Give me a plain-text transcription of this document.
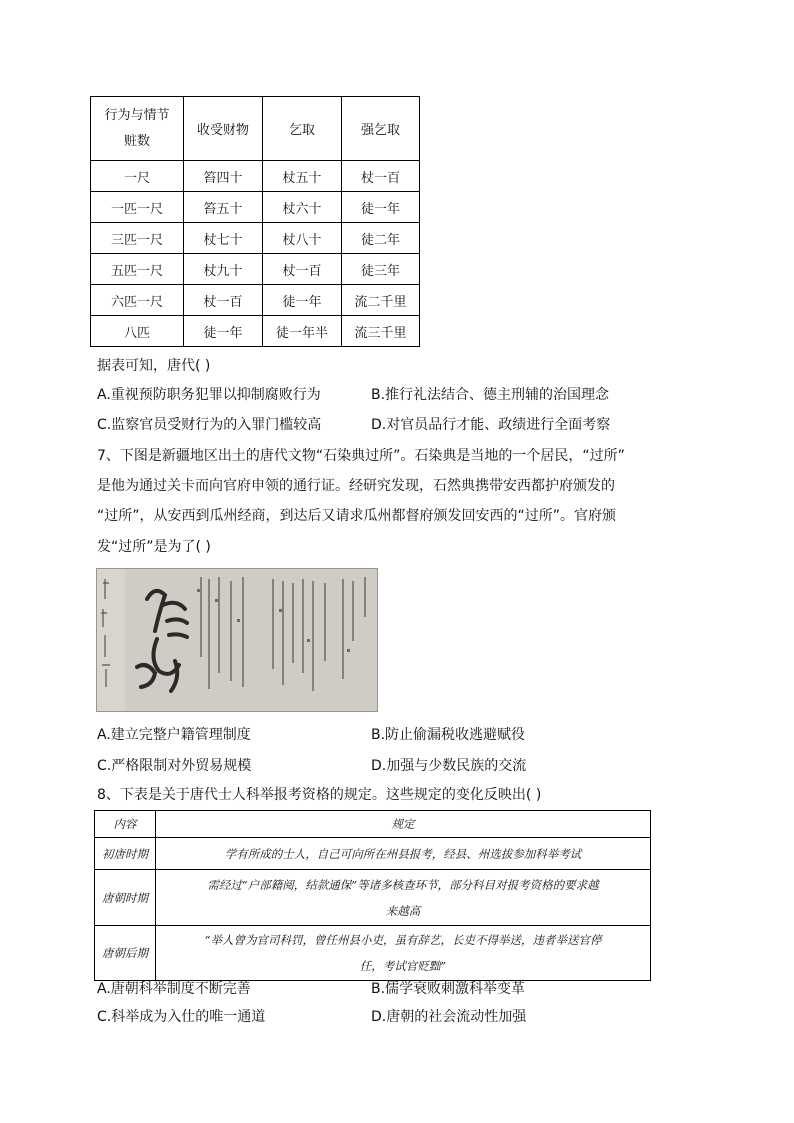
行为与情节
赃数	收受财物	乞取	强乞取
一尺	笞四十	杖五十	杖一百
一匹一尺	笞五十	杖六十	徒一年
三匹一尺	杖七十	杖八十	徒二年
五匹一尺	杖九十	杖一百	徒三年
六匹一尺	杖一百	徒一年	流二千里
八匹	徒一年	徒一年半	流三千里
据表可知，唐代( )
A.重视预防职务犯罪以抑制腐败行为	B.推行礼法结合、德主刑辅的治国理念
C.监察官员受财行为的入罪门槛较高	D.对官员品行才能、政绩进行全面考察
7、下图是新疆地区出土的唐代文物“石染典过所”。石染典是当地的一个居民，“过所”
是他为通过关卡而向官府申领的通行证。经研究发现，石然典携带安西都护府颁发的
“过所”，从安西到瓜州经商，到达后又请求瓜州都督府颁发回安西的“过所”。官府颁
发“过所”是为了( )
A.建立完整户籍管理制度	B.防止偷漏税收逃避赋役
C.严格限制对外贸易规模	D.加强与少数民族的交流
8、下表是关于唐代士人科举报考资格的规定。这些规定的变化反映出( )
内容	规定
初唐时期	学有所成的士人，自己可向所在州县报考，经县、州选拔参加科举考试

唐朝时期	需经过“户部籍阅，结款通保”等诸多核查环节，部分科目对报考资格的要求越
来越高

唐朝后期	“举人曾为官司科罚，曾任州县小吏，虽有辞艺，长吏不得举送，违者举送官停
任，考试官贬黜”
A.唐朝科举制度不断完善	B.儒学衰败刺激科举变革
C.科举成为入仕的唯一通道	D.唐朝的社会流动性加强
